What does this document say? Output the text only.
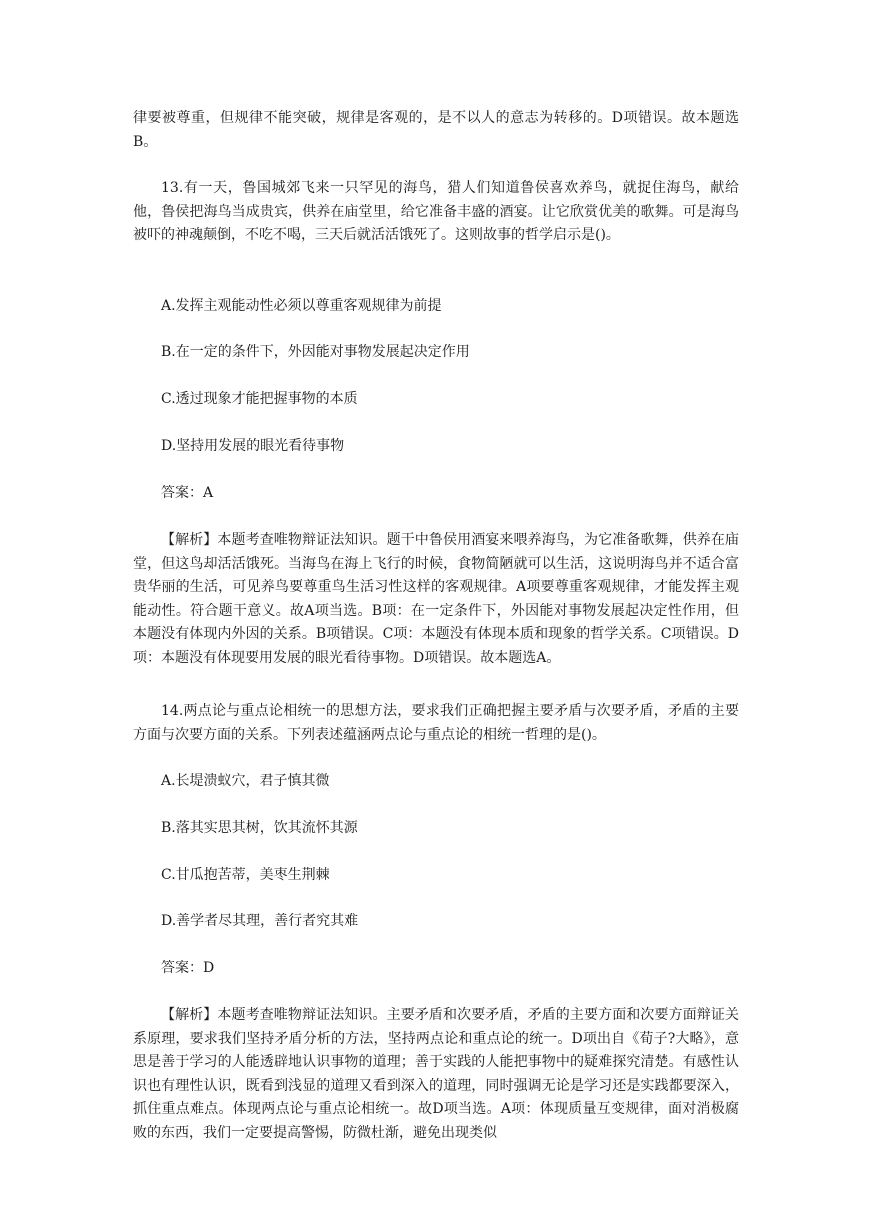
律要被尊重，但规律不能突破，规律是客观的，是不以人的意志为转移的。D项错误。故本题选B。

13.有一天，鲁国城郊飞来一只罕见的海鸟，猎人们知道鲁侯喜欢养鸟，就捉住海鸟，献给他，鲁侯把海鸟当成贵宾，供养在庙堂里，给它准备丰盛的酒宴。让它欣赏优美的歌舞。可是海鸟被吓的神魂颠倒，不吃不喝，三天后就活活饿死了。这则故事的哲学启示是()。

A.发挥主观能动性必须以尊重客观规律为前提

B.在一定的条件下，外因能对事物发展起决定作用

C.透过现象才能把握事物的本质

D.坚持用发展的眼光看待事物

答案：A

【解析】本题考查唯物辩证法知识。题干中鲁侯用酒宴来喂养海鸟，为它准备歌舞，供养在庙堂，但这鸟却活活饿死。当海鸟在海上飞行的时候，食物简陋就可以生活，这说明海鸟并不适合富贵华丽的生活，可见养鸟要尊重鸟生活习性这样的客观规律。A项要尊重客观规律，才能发挥主观能动性。符合题干意义。故A项当选。B项：在一定条件下，外因能对事物发展起决定性作用，但本题没有体现内外因的关系。B项错误。C项：本题没有体现本质和现象的哲学关系。C项错误。D项：本题没有体现要用发展的眼光看待事物。D项错误。故本题选A。

14.两点论与重点论相统一的思想方法，要求我们正确把握主要矛盾与次要矛盾，矛盾的主要方面与次要方面的关系。下列表述蕴涵两点论与重点论的相统一哲理的是()。

A.长堤溃蚁穴，君子慎其微

B.落其实思其树，饮其流怀其源

C.甘瓜抱苦蒂，美枣生荆棘

D.善学者尽其理，善行者究其难

答案：D

【解析】本题考查唯物辩证法知识。主要矛盾和次要矛盾，矛盾的主要方面和次要方面辩证关系原理，要求我们坚持矛盾分析的方法，坚持两点论和重点论的统一。D项出自《荀子?大略》，意思是善于学习的人能透辟地认识事物的道理；善于实践的人能把事物中的疑难探究清楚。有感性认识也有理性认识，既看到浅显的道理又看到深入的道理，同时强调无论是学习还是实践都要深入，抓住重点难点。体现两点论与重点论相统一。故D项当选。A项：体现质量互变规律，面对消极腐败的东西，我们一定要提高警惕，防微杜渐，避免出现类似
